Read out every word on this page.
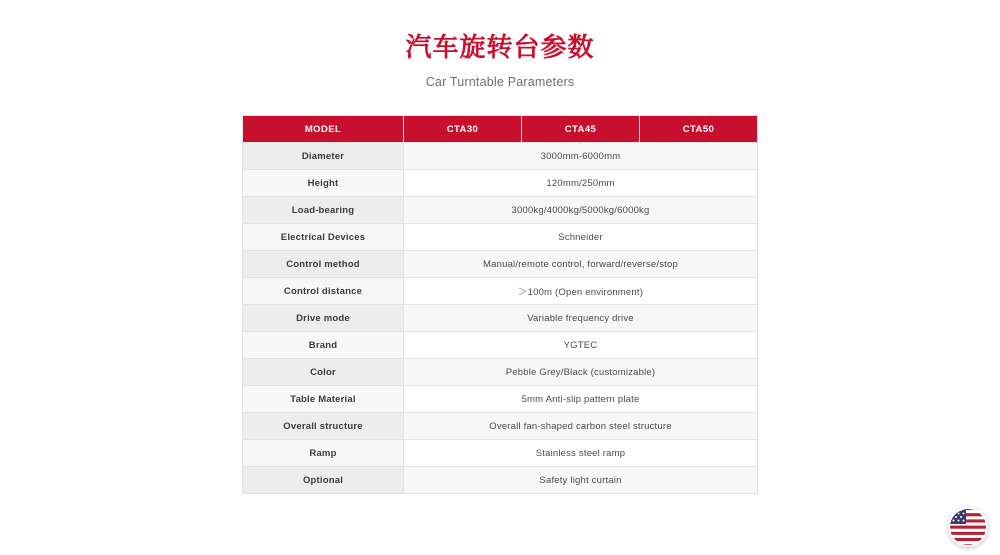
汽车旋转台参数
Car Turntable Parameters
MODEL	CTA30	CTA45	CTA50
Diameter	3000mm-6000mm		
Height	120mm/250mm		
Load-bearing	3000kg/4000kg/5000kg/6000kg		
Electrical Devices	Schneider		
Control method	Manual/remote control, forward/reverse/stop		
Control distance	＞100m (Open environment)		
Drive mode	Variable frequency drive		
Brand	YGTEC		
Color	Pebble Grey/Black (customizable)		
Table Material	5mm Anti-slip pattern plate		
Overall structure	Overall fan-shaped carbon steel structure		
Ramp	Stainless steel ramp		
Optional	Safety light curtain		
